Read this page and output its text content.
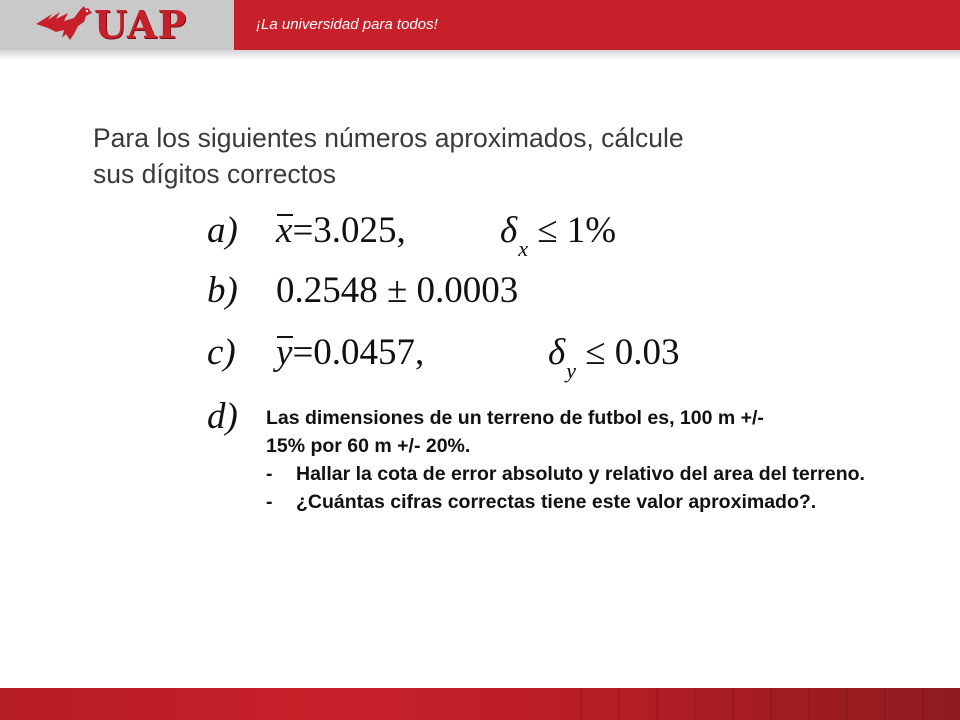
UAP	¡La universidad para todos!
Para los siguientes números aproximados, cálcule
sus dígitos correctos
a) x=3.025,	$\delta_x \le 1\%$
b) 0.2548 ± 0.0003
c) y=0.0457,	$\delta_y \le 0.03$
d) Las dimensiones de un terreno de futbol es, 100 m +/-

15% por 60 m +/- 20%.

-	Hallar la cota de error absoluto y relativo del area del terreno.
-	¿Cuántas cifras correctas tiene este valor aproximado?.
